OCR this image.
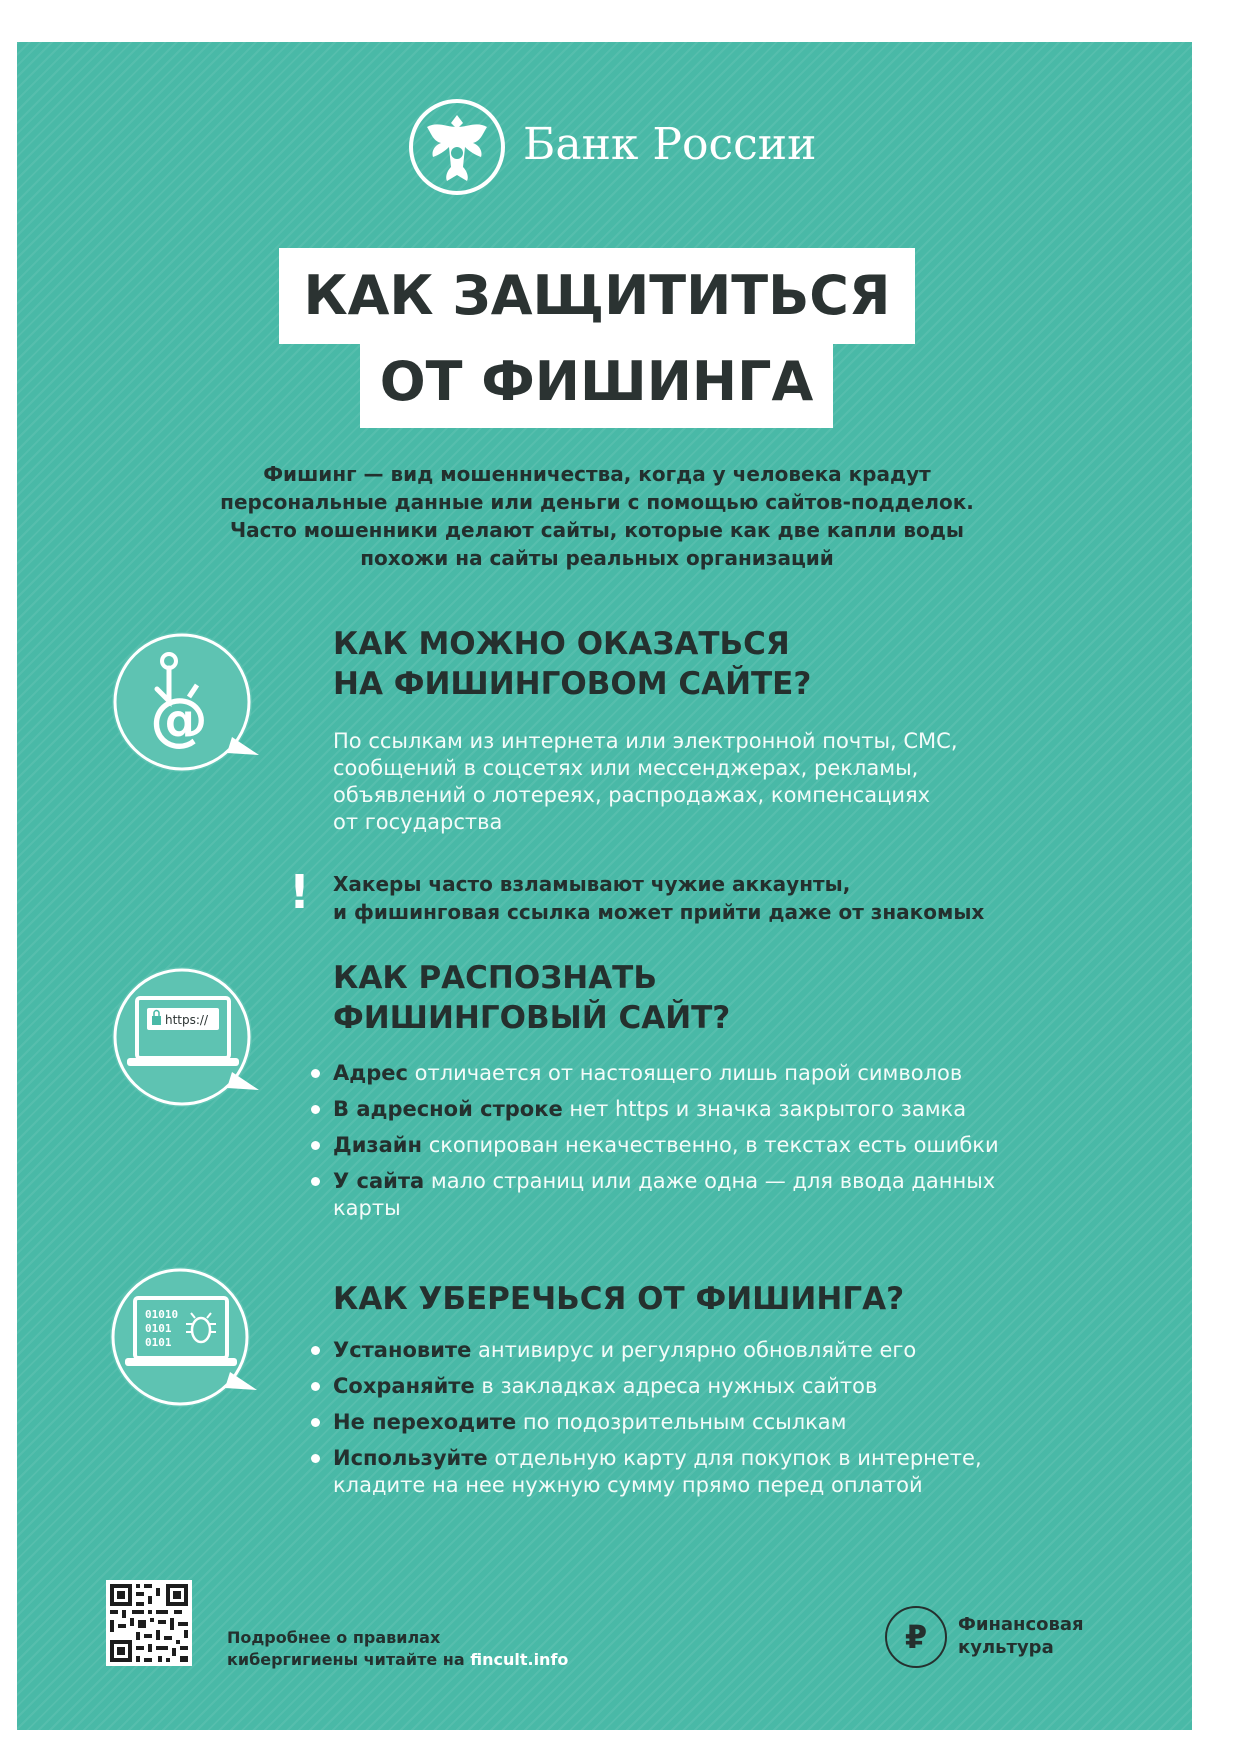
Банк России
КАК ЗАЩИТИТЬСЯ
ОТ ФИШИНГА
Фишинг — вид мошенничества, когда у человека крадут
персональные данные или деньги с помощью сайтов-подделок.
Часто мошенники делают сайты, которые как две капли воды
похожи на сайты реальных организаций
@
КАК МОЖНО ОКАЗАТЬСЯ
НА ФИШИНГОВОМ САЙТЕ?
По ссылкам из интернета или электронной почты, СМС,
сообщений в соцсетях или мессенджерах, рекламы,
объявлений о лотереях, распродажах, компенсациях
от государства
! Хакеры часто взламывают чужие аккаунты,
и фишинговая ссылка может прийти даже от знакомых
https://
КАК РАСПОЗНАТЬ
ФИШИНГОВЫЙ САЙТ?
Адрес отличается от настоящего лишь парой символов
В адресной строке нет https и значка закрытого замка
Дизайн скопирован некачественно, в текстах есть ошибки
У сайта мало страниц или даже одна — для ввода данных
карты
01010
0101
0101
КАК УБЕРЕЧЬСЯ ОТ ФИШИНГА?
Установите антивирус и регулярно обновляйте его
Сохраняйте в закладках адреса нужных сайтов
Не переходите по подозрительным ссылкам
Используйте отдельную карту для покупок в интернете,
кладите на нее нужную сумму прямо перед оплатой
Подробнее о правилах
кибергигиены читайте на fincult.info
₽ Финансовая
культура
